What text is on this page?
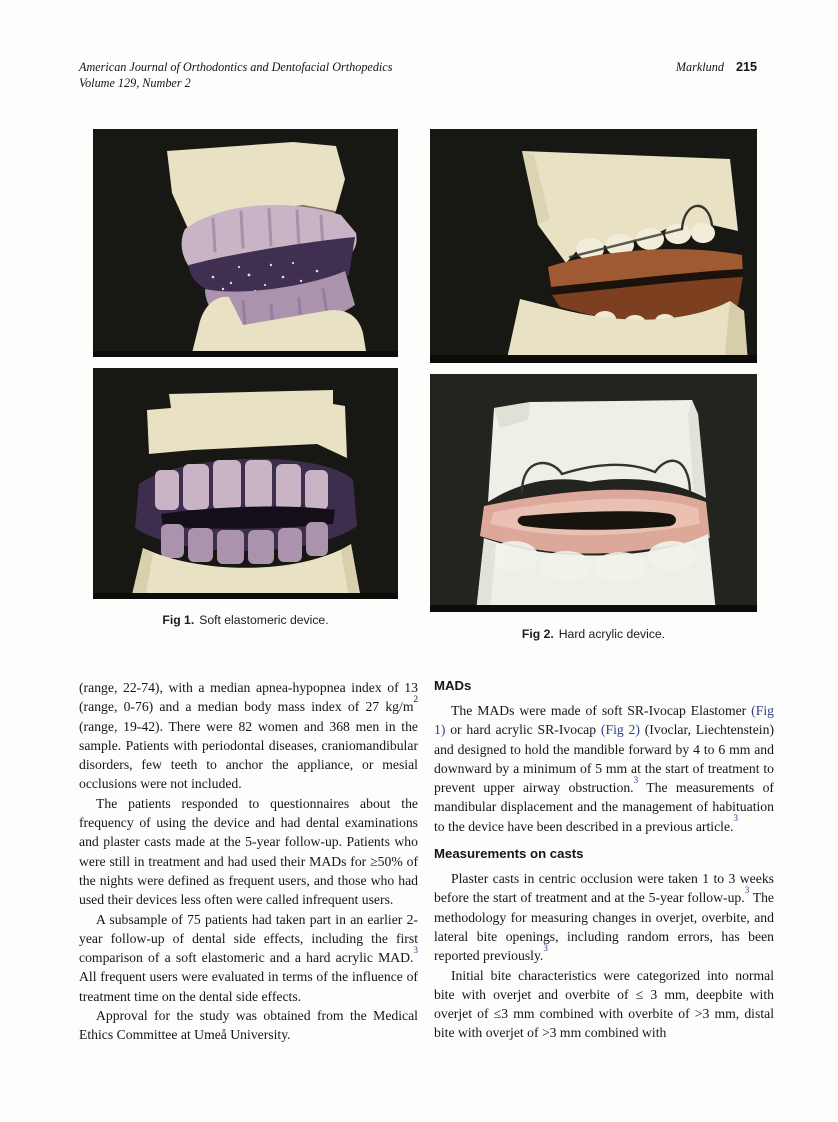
American Journal of Orthodontics and Dentofacial Orthopedics
Volume 129, Number 2
Marklund 215
Fig 1. Soft elastomeric device.
Fig 2. Hard acrylic device.

(range, 22-74), with a median apnea-hypopnea index of 13 (range, 0-76) and a median body mass index of 27 $kg/m^2$ (range, 19-42). There were 82 women and 368 men in the sample. Patients with periodontal diseases, craniomandibular disorders, few teeth to anchor the appliance, or mesial occlusions were not included.

The patients responded to questionnaires about the frequency of using the device and had dental examinations and plaster casts made at the 5-year follow-up. Patients who were still in treatment and had used their MADs for ≥50% of the nights were defined as frequent users, and those who had used their devices less often were called infrequent users.

A subsample of 75 patients had taken part in an earlier 2-year follow-up of dental side effects, including the first comparison of a soft elastomeric and a hard acrylic MAD.$^3$ All frequent users were evaluated in terms of the influence of treatment time on the dental side effects.

Approval for the study was obtained from the Medical Ethics Committee at Umeå University.

MADs

The MADs were made of soft SR-Ivocap Elastomer (Fig 1) or hard acrylic SR-Ivocap (Fig 2) (Ivoclar, Liechtenstein) and designed to hold the mandible forward by 4 to 6 mm and downward by a minimum of 5 mm at the start of treatment to prevent upper airway obstruction.$^3$ The measurements of mandibular displacement and the management of habituation to the device have been described in a previous article.$^3$

Measurements on casts

Plaster casts in centric occlusion were taken 1 to 3 weeks before the start of treatment and at the 5-year follow-up.$^3$ The methodology for measuring changes in overjet, overbite, and lateral bite openings, including random errors, has been reported previously.$^3$

Initial bite characteristics were categorized into normal bite with overjet and overbite of ≤ 3 mm, deepbite with overjet of ≤3 mm combined with overbite of >3 mm, distal bite with overjet of >3 mm combined with
